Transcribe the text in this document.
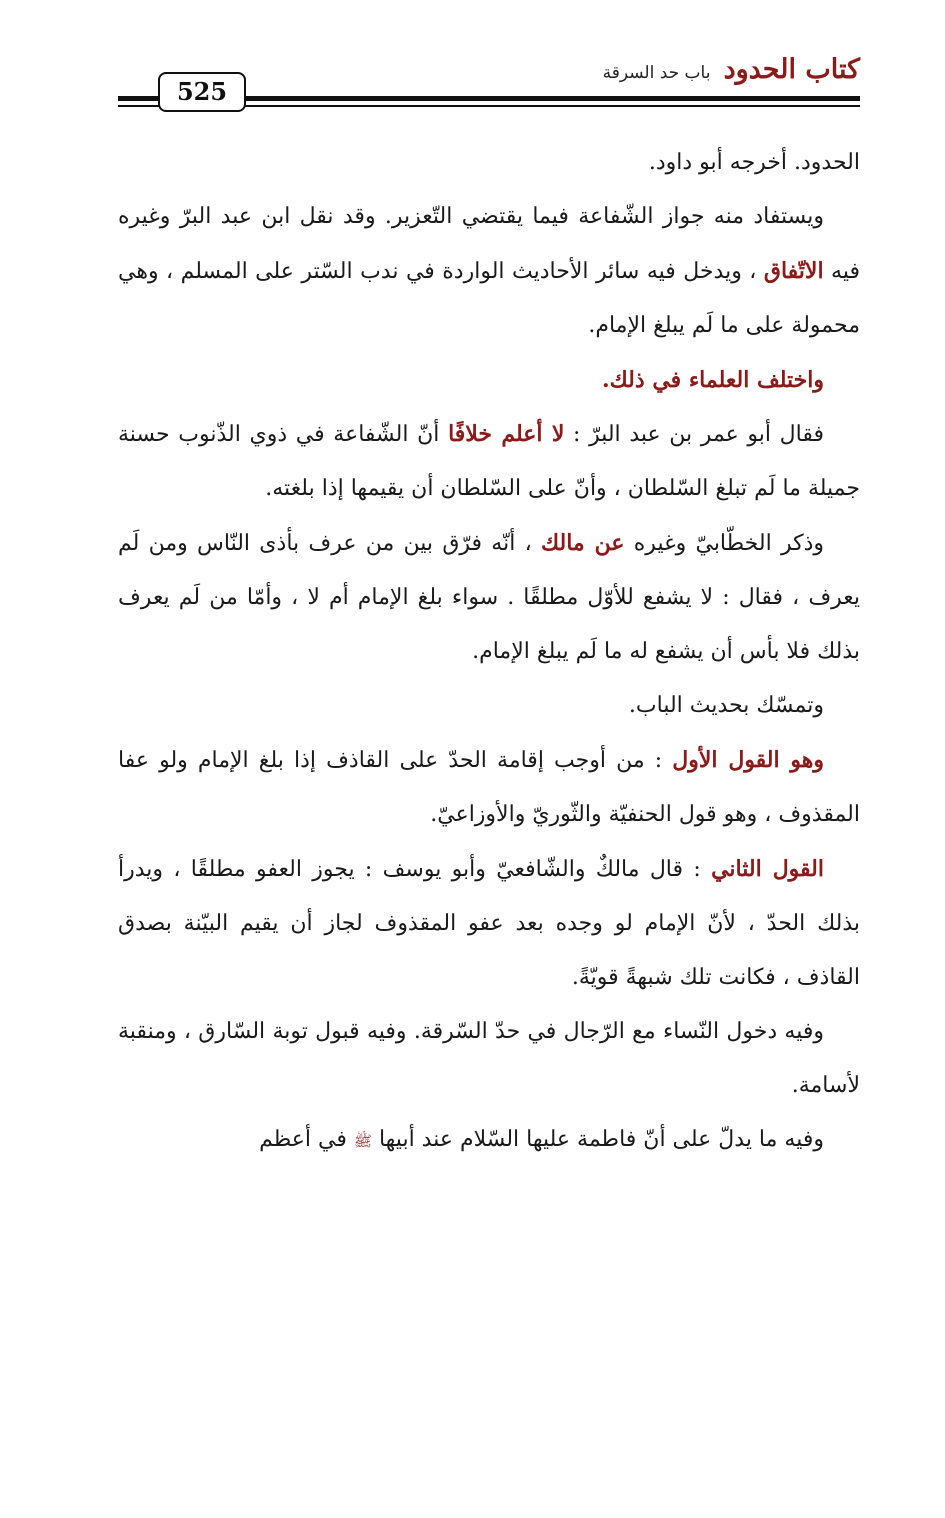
525
كتاب الحدود باب حد السرقة

الحدود. أخرجه أبو داود.

ويستفاد منه جواز الشّفاعة فيما يقتضي التّعزير. وقد نقل ابن عبد البرّ وغيره فيه الاتّفاق ، ويدخل فيه سائر الأحاديث الواردة في ندب السّتر على المسلم ، وهي محمولة على ما لَم يبلغ الإمام.

واختلف العلماء في ذلك.

فقال أبو عمر بن عبد البرّ : لا أعلم خلافًا أنّ الشّفاعة في ذوي الذّنوب حسنة جميلة ما لَم تبلغ السّلطان ، وأنّ على السّلطان أن يقيمها إذا بلغته.

وذكر الخطّابيّ وغيره عن مالك ، أنّه فرّق بين من عرف بأذى النّاس ومن لَم يعرف ، فقال : لا يشفع للأوّل مطلقًا . سواء بلغ الإمام أم لا ، وأمّا من لَم يعرف بذلك فلا بأس أن يشفع له ما لَم يبلغ الإمام.

وتمسّك بحديث الباب.

وهو القول الأول : من أوجب إقامة الحدّ على القاذف إذا بلغ الإمام ولو عفا المقذوف ، وهو قول الحنفيّة والثّوريّ والأوزاعيّ.

القول الثاني : قال مالكٌ والشّافعيّ وأبو يوسف : يجوز العفو مطلقًا ، ويدرأ بذلك الحدّ ، لأنّ الإمام لو وجده بعد عفو المقذوف لجاز أن يقيم البيّنة بصدق القاذف ، فكانت تلك شبهةً قويّةً.

وفيه دخول النّساء مع الرّجال في حدّ السّرقة. وفيه قبول توبة السّارق ، ومنقبة لأسامة.

وفيه ما يدلّ على أنّ فاطمة عليها السّلام عند أبيها ﷺ في أعظم
